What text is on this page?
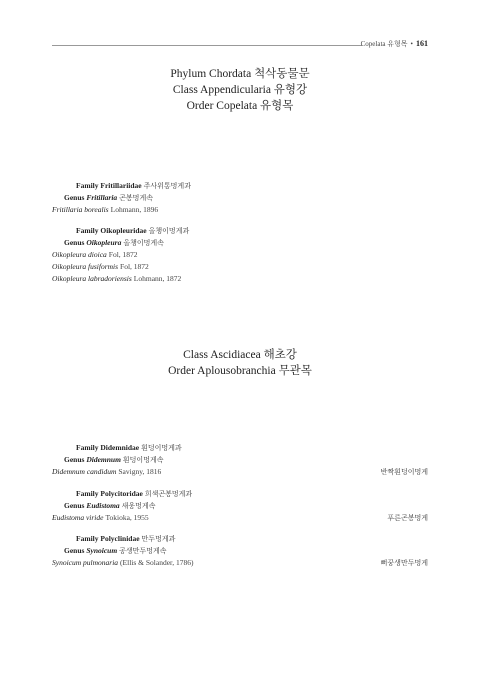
Copelata 유형목 • 161
Phylum Chordata 척삭동물문
Class Appendicularia 유형강
Order Copelata 유형목
Family Fritillariidae 주사위통멍게과
Genus Fritillaria 곤봉멍게속
Fritillaria borealis Lohmann, 1896
Family Oikopleuridae 올챙이멍게과
Genus Oikopleura 올챙이멍게속
Oikopleura dioica Fol, 1872
Oikopleura fusiformis Fol, 1872
Oikopleura labradoriensis Lohmann, 1872
Class Ascidiacea 해초강
Order Aplousobranchia 무관목
Family Didemnidae 흰덩이멍게과
Genus Didemnum 흰덩이멍게속
Didemnum candidum Savigny, 1816	반짝흰덩이멍게
Family Polycitoridae 희색곤봉멍게과
Genus Eudistoma 새웅멍게속
Eudistoma viride Tokioka, 1955	푸른곤봉멍게
Family Polyclinidae 만두멍게과
Genus Synoicum 공생만두멍게속
Synoicum pulmonaria (Ellis & Solander, 1786)	뻐꿍생만두멍게
